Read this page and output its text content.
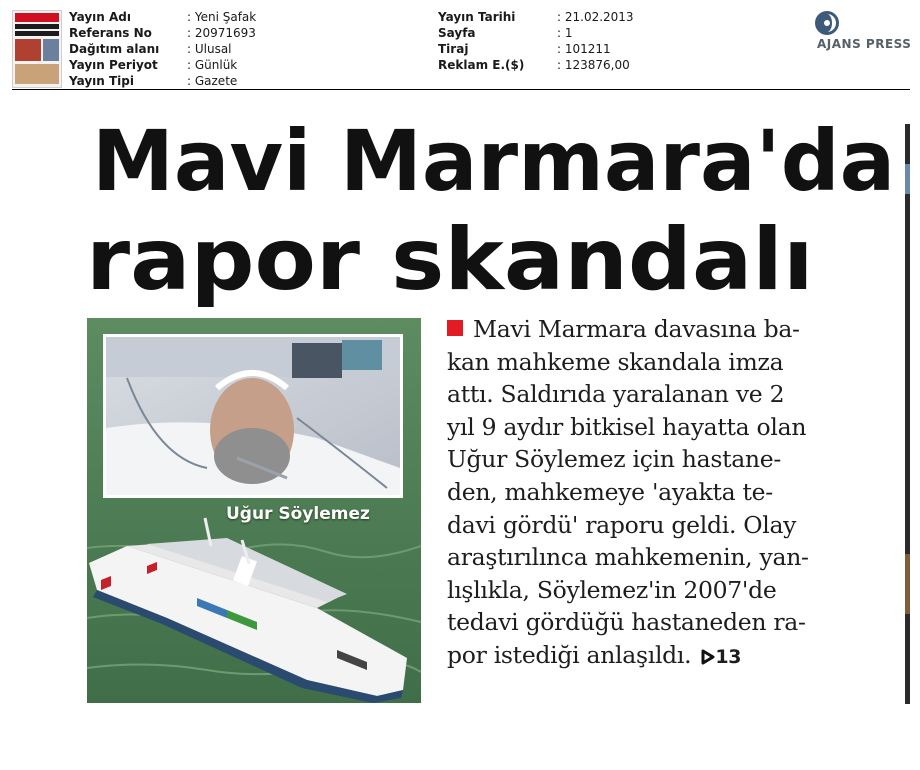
Yayın Adı	: Yeni Şafak
Referans No	: 20971693
Dağıtım alanı : Ulusal
Yayın Periyot : Günlük
Yayın Tipi	: Gazete
Yayın Tarihi	: 21.02.2013
Sayfa	: 1
Tiraj	: 101211
Reklam E.($)	: 123876,00
AJANS PRESS
Mavi Marmara'da
rapor skandalı
Uğur Söylemez
Mavi Marmara davasına ba-
kan mahkeme skandala imza
attı. Saldırıda yaralanan ve 2
yıl 9 aydır bitkisel hayatta olan
Uğur Söylemez için hastane-
den, mahkemeye 'ayakta te-
davi gördü' raporu geldi. Olay
araştırılınca mahkemenin, yan-
lışlıkla, Söylemez'in 2007'de
tedavi gördüğü hastaneden ra-
por istediği anlaşıldı. 13
